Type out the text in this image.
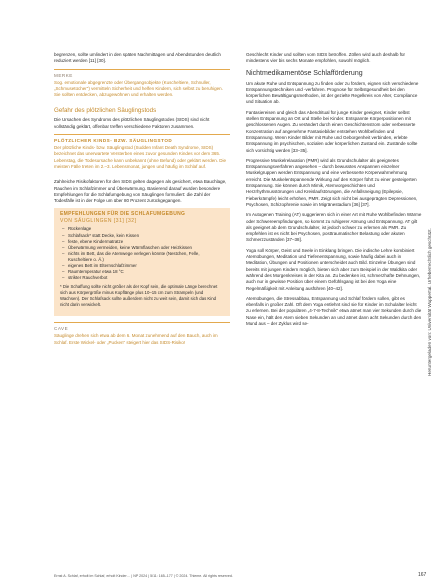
begrenzen, sollte umlindert in den späten Nachmittagen und Abendstunden deutlich reduziert werden [11] [30].

MERKE

Sog. emotionale abgegrenzte oder Übergangsobjekte (Kuscheltiere, Schnuller, „Schmusetücher") vermitteln Sicherheit und helfen Kindern, sich selbst zu beruhigen. Sie sollten entdecken, abzugewöhnen und erhalten werden.

Gefahr des plötzlichen Säuglingstods

Die Ursachen des Syndroms des plötzlichen Säuglingstodes (SIDS) sind nicht vollständig geklärt, offenbar treffen verschiedene Faktoren zusammen.

PLÖTZLICHER KINDS- BZW. SÄUGLINGSTOD

Der plötzliche Kinds- bzw. Säuglingstod (Sudden Infant Death Syndrome, SIDS) bezeichnet das unerwartete Versterben eines zuvor gesunden Kindes vor dem 365. Lebenstag, die Todesursache kann unbekannt (ohne Befund) oder geklärt werden. Die meisten Fälle treten im 2.–3. Lebensmonat, jungen und häufig im Schlaf auf.

Zahlreiche Risikofaktoren für den SIDS gelten dagegen als gesichert, etwa Bauchlage, Rauchen im Schlafzimmer und Überwärmung. Basierend darauf wurden besondere Empfehlungen für die Schlafumgebung von Säuglingen formuliert: die Zahl der Todesfälle ist in der Folge um über 80 Prozent zurückgegangen.

EMPFEHLUNGEN FÜR DIE SCHLAFUMGEBUNG
VON SÄUGLINGEN [31] [32]
– Rückenlage
– Schlafsack* statt Decke, kein Kissen
– feste, ebene Kindermatratze
– Überwärmung vermeiden, keine Wärmflaschen oder Heizkissen
– nichts im Bett, das die Atemwege verlegen könnte (Nestchen, Felle, Kuscheltiere o. Ä.)
– eigenes Bett im Elternschlafzimmer
– Raumtemperatur etwa 18 °C
– strikter Rauchverbot

* Die Schaffung sollte nicht größer als der Kopf sein, die optimale Länge berechnet sich aus Körpergröße minus Kopflänge plus 10–15 cm zum Strampeln (und Wachsen). Der Schlafsack sollte außerdem nicht zu weit sein, damit sich das Kind nicht darin verwickelt.

CAVE

Säuglinge drehen sich etwa ab dem 6. Monat zunehmend auf den Bauch, auch im Schlaf. Erste Wickel- oder „Pucken" steigert hier das SIDS-Risiko!

Geschlecht Kinder und sollten vom SIDS betroffen. Zöllen wird auch deshalb für mindestens vier bis sechs Monate empfohlen, sowohl möglich.

Nichtmedikamentöse Schlafförderung

Um akute Ruhe und Entspannung zu finden oder zu fördern, eignen sich verschiedene Entspannungstechniken und -verfahren. Prognose für Selbstgesundheit bei den körperlichen Bewältigungsmethoden, ist der gezielte Regelkreis von Alter, Compliance und Situation ab.

Fantasiereisen und gleich das Abendritual für junge Kinder geeignet, Kinder selbst stellen Entspannung an Ort und Stelle bei Kinder. Entspannte Körperpositionen mit geschlossenen Augen. Zu verändert durch einen Geschichtenstrom oder verbesserte Konzentration auf angenehme Fantasiebilder entstehen Wohlbefinden und Entspannung. Wenn Kinder Bilder mit Ruhe und Geborgenheit verbinden, erlebte Entspannung im psychischen, sozialen oder körperlichen Zustand ein. Zustände sollte sich vorsichtig werden [33–35].

Progressive Muskelrelaxation (PMR) wird als Grundschulalter als geeignetes Entspannungsverfahren angesehen – durch bewusstes Anspannen einzelner Muskelgruppen werden Entspannung und eine verbesserte Körperwahrnehmung erreicht. Die Muskelentspannende Wirkung auf den Körper führt zu einer gesteigerten Entspannung. Sie können durch Mimik, Atemvorgeschichten und Herzrhythmusstörungen und Kreislaufstörungen, die Anfallsneigung (Epilepsie, Fieberkrämpfe) leicht erhöhen, PMR. Zeigt sich nicht bei ausgeprägten Depressionen, Psychosen, Schizophrenie sowie im Migränestadium [36] [37].

Im Autogenen Training (AT) suggerieren sich in einer Art mit Ruhe Wohlbefinden Wärme oder Schwereempfindungen, so kommt zu ruhigerer Atmung und Entspannung. AT gilt als geeignet ab dem Grundschulalter, ist jedoch schwer zu erlernen als PMR. Zu empfehlen ist es nicht bei Psychosen, posttraumatischer Belastung oder akuten Schmerzzuständen [37–38].

Yoga soll Körper, Geist und Seele in Einklang bringen. Die indische Lehre kombiniert Atemübungen, Meditation und Tiefenentspannung, sowie häufig dabei auch in Meditation, Übungen und Positionen unterscheidet auch Bild. Einzelne Übungen sind bereits mit jungen Kindern möglich, bieten sich aber zum Beispiel in der Waldkita oder während des Morgenkreises in der Kita an. Zu bedenken ist, schmerzhafte Dehnungen, auch nur in gewisse Position über einem Gefühlsgang ist bei den Yoga eine Regelmäßigkeit mit Anleitung ausführen [40–42].

Atemübungen, die Stressabbau, Entspannung und Schlaf fördern sollen, gibt es ebenfalls in großer Zahl. Oft dem Yoga entlehnt sind sie für Kinder im Schulalter leicht zu erlernen. Bei der populären „4-7-8-Technik" etwa atmet man vier Sekunden durch die Nase ein, hält den Atem sieben Sekunden an und atmet dann acht Sekunden durch den Mund aus – der Zyklus wird se-	Heruntergeladen von: Universität Wuppertal. Urheberrechtlich geschützt.
Ernst A. Schlaf, erholt im Schlaf, erholt Kinder… | NP 2024 | 5/11: 165–177 | © 2024. Thieme. All rights reserved.	167
